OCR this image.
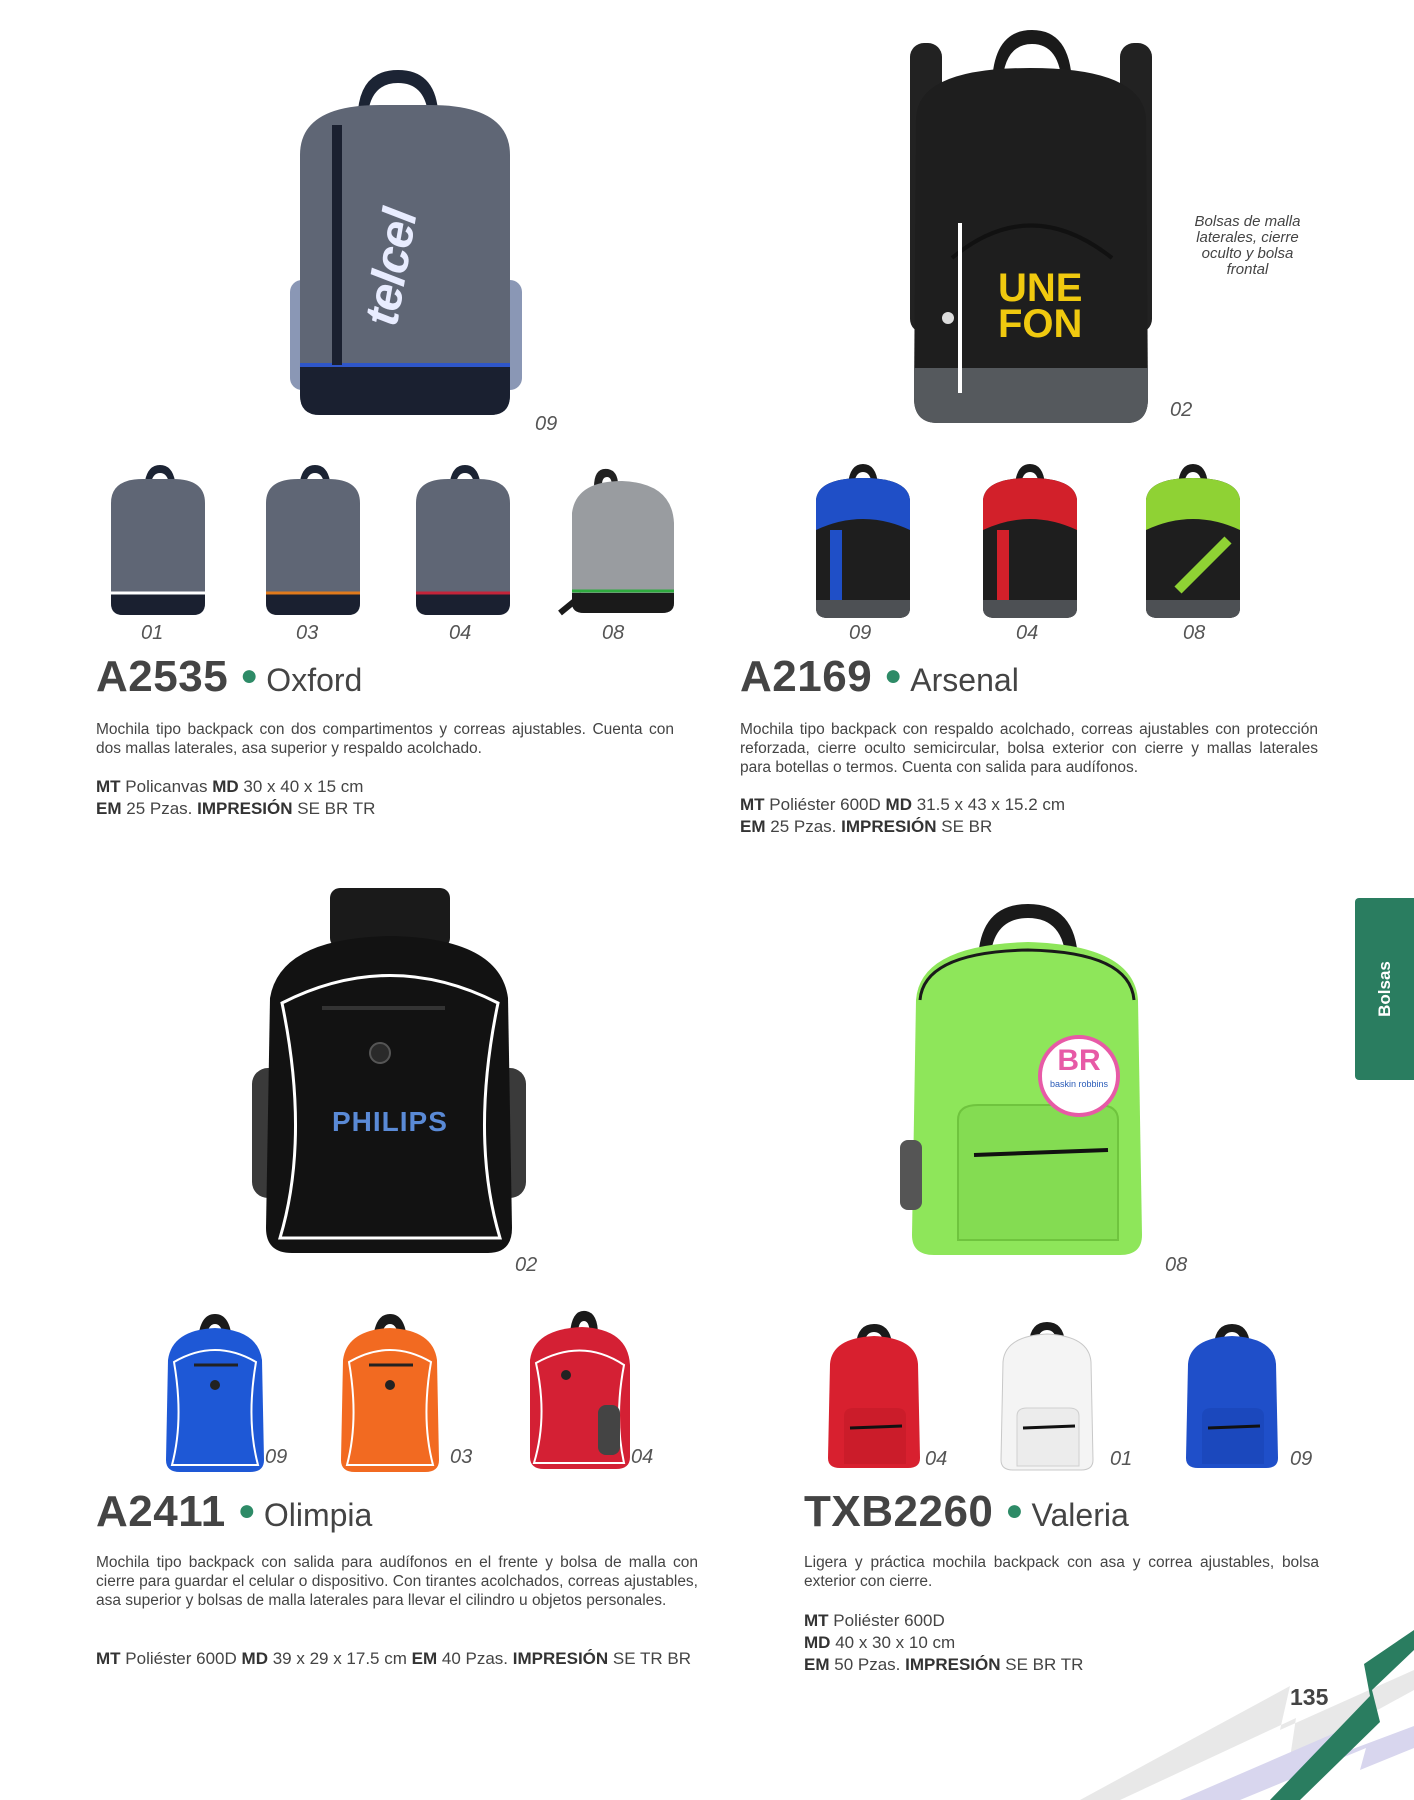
telcel
09
01	03	04	08
A2535 ● Oxford
Mochila tipo backpack con dos compartimentos y correas ajustables. Cuenta con dos mallas laterales, asa superior y respaldo acolchado.
MT Policanvas MD 30 x 40 x 15 cm
EM 25 Pzas. IMPRESIÓN SE BR TR
UNE
FON
Bolsas de malla laterales, cierre oculto y bolsa frontal
02
09	04	08
A2169 ● Arsenal
Mochila tipo backpack con respaldo acolchado, correas ajustables con protección reforzada, cierre oculto semicircular, bolsa exterior con cierre y mallas laterales para botellas o termos. Cuenta con salida para audífonos.
MT Poliéster 600D MD 31.5 x 43 x 15.2 cm
EM 25 Pzas. IMPRESIÓN SE BR
PHILIPS
02
09	03	04
A2411 ● Olimpia
Mochila tipo backpack con salida para audífonos en el frente y bolsa de malla con cierre para guardar el celular o dispositivo. Con tirantes acolchados, correas ajustables, asa superior y bolsas de malla laterales para llevar el cilindro u objetos personales.
MT Poliéster 600D MD 39 x 29 x 17.5 cm EM 40 Pzas. IMPRESIÓN SE TR BR
BR
baskin robbins
08
04	01	09
TXB2260 ● Valeria
Ligera y práctica mochila backpack con asa y correa ajustables, bolsa exterior con cierre.
MT Poliéster 600D
MD 40 x 30 x 10 cm
EM 50 Pzas. IMPRESIÓN SE BR TR
Bolsas
135
